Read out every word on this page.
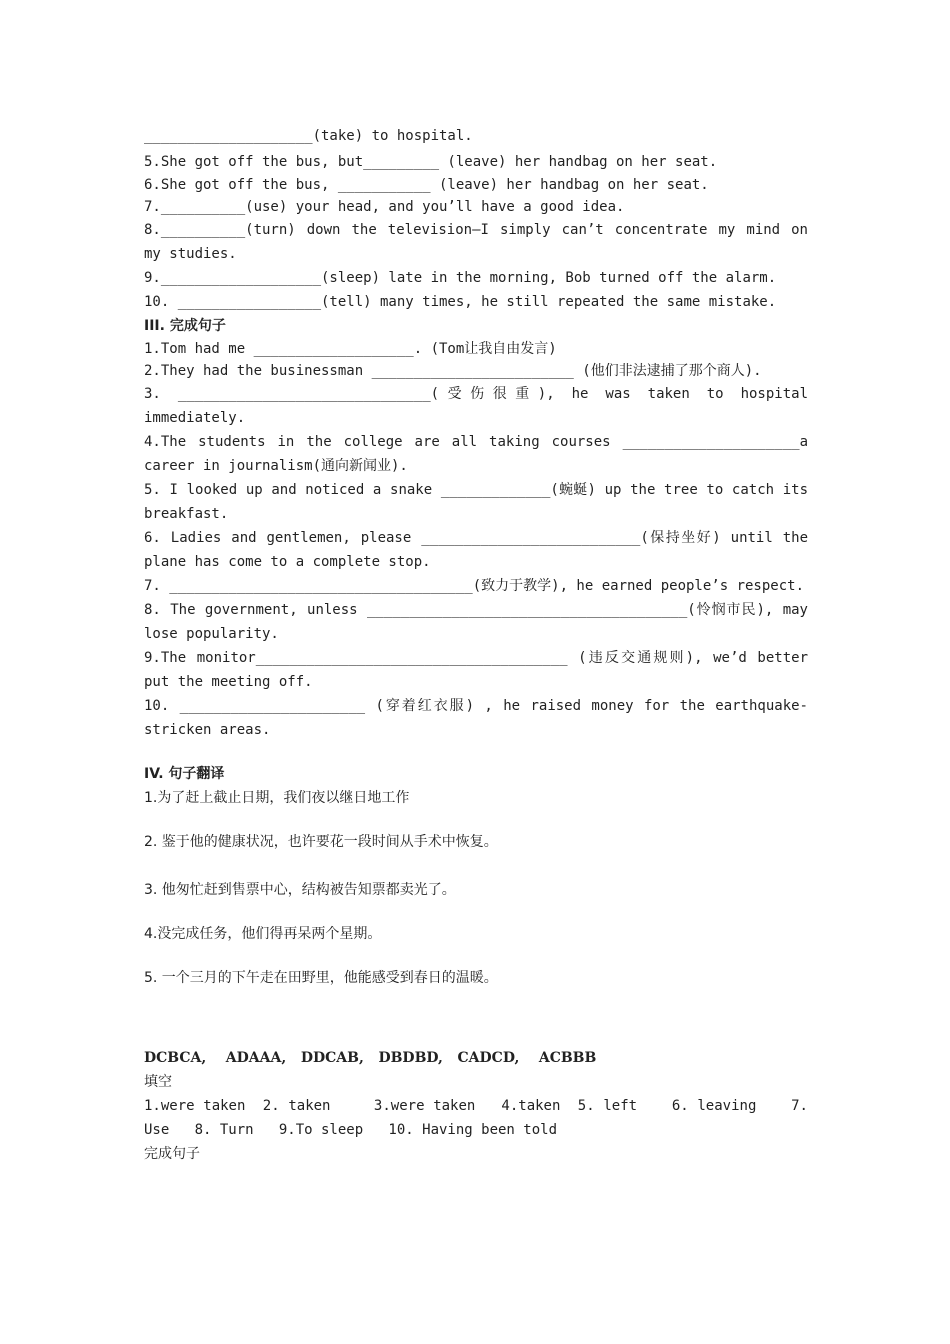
____________________(take) to hospital.
5.She got off the bus, but_________ (leave) her handbag on her seat.
6.She got off the bus, ___________ (leave) her handbag on her seat.
7.__________(use) your head, and you’ll have a good idea.
8.__________(turn) down the television—I simply can’t concentrate my mind on my studies.
9.___________________(sleep) late in the morning, Bob turned off the alarm.
10. _________________(tell) many times, he still repeated the same mistake.
III. 完成句子
1.Tom had me ___________________. (Tom让我自由发言)
2.They had the businessman ________________________ (他们非法逮捕了那个商人).
3. ______________________________(受伤很重), he was taken to hospital immediately.
4.The students in the college are all taking courses _____________________a career in journalism(通向新闻业).
5. I looked up and noticed a snake _____________(蜿蜒) up the tree to catch its breakfast.
6. Ladies and gentlemen, please __________________________(保持坐好) until the plane has come to a complete stop.
7. ____________________________________(致力于教学), he earned people’s respect.
8. The government, unless ______________________________________(怜悯市民), may lose popularity.
9.The monitor_____________________________________ (违反交通规则), we’d better put the meeting off.
10. ______________________ (穿着红衣服) , he raised money for the earthquake-stricken areas.
IV. 句子翻译
1.为了赶上截止日期，我们夜以继日地工作
2. 鉴于他的健康状况，也许要花一段时间从手术中恢复。
3. 他匆忙赶到售票中心，结构被告知票都卖光了。
4.没完成任务，他们得再呆两个星期。
5. 一个三月的下午走在田野里，他能感受到春日的温暖。
DCBCA,    ADAAA,   DDCAB,   DBDBD,   CADCD,    ACBBB
填空
1.were taken  2. taken     3.were taken   4.taken  5. left    6. leaving    7. Use   8. Turn   9.To sleep   10. Having been told
完成句子
